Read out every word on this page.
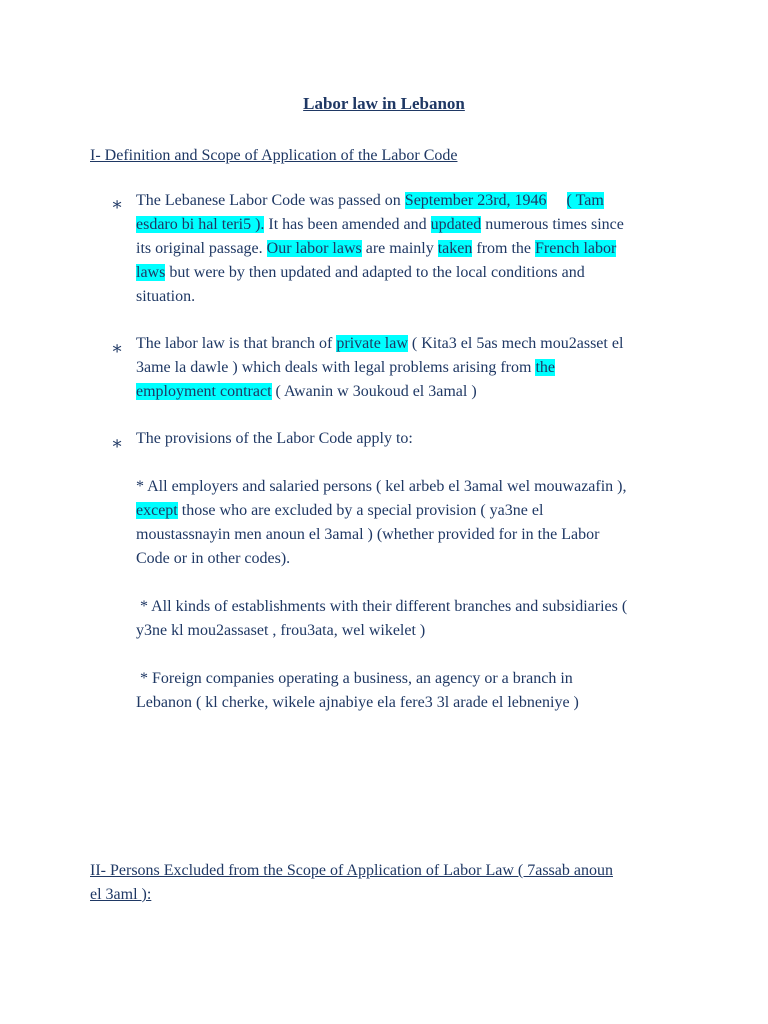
Labor law in Lebanon
I- Definition and Scope of Application of the Labor Code
∗ The Lebanese Labor Code was passed on September 23rd, 1946 ( Tam
esdaro bi hal teri5 ). It has been amended and updated numerous times since
its original passage. Our labor laws are mainly taken from the French labor
laws but were by then updated and adapted to the local conditions and
situation.
∗ The labor law is that branch of private law ( Kita3 el 5as mech mou2asset el
3ame la dawle ) which deals with legal problems arising from the
employment contract ( Awanin w 3oukoud el 3amal )
∗ The provisions of the Labor Code apply to:
* All employers and salaried persons ( kel arbeb el 3amal wel mouwazafin ),
except those who are excluded by a special provision ( ya3ne el
moustassnayin men anoun el 3amal ) (whether provided for in the Labor
Code or in other codes).
* All kinds of establishments with their different branches and subsidiaries (
y3ne kl mou2assaset , frou3ata, wel wikelet )
* Foreign companies operating a business, an agency or a branch in
Lebanon ( kl cherke, wikele ajnabiye ela fere3 3l arade el lebneniye )
II- Persons Excluded from the Scope of Application of Labor Law ( 7assab anoun
el 3aml ):
